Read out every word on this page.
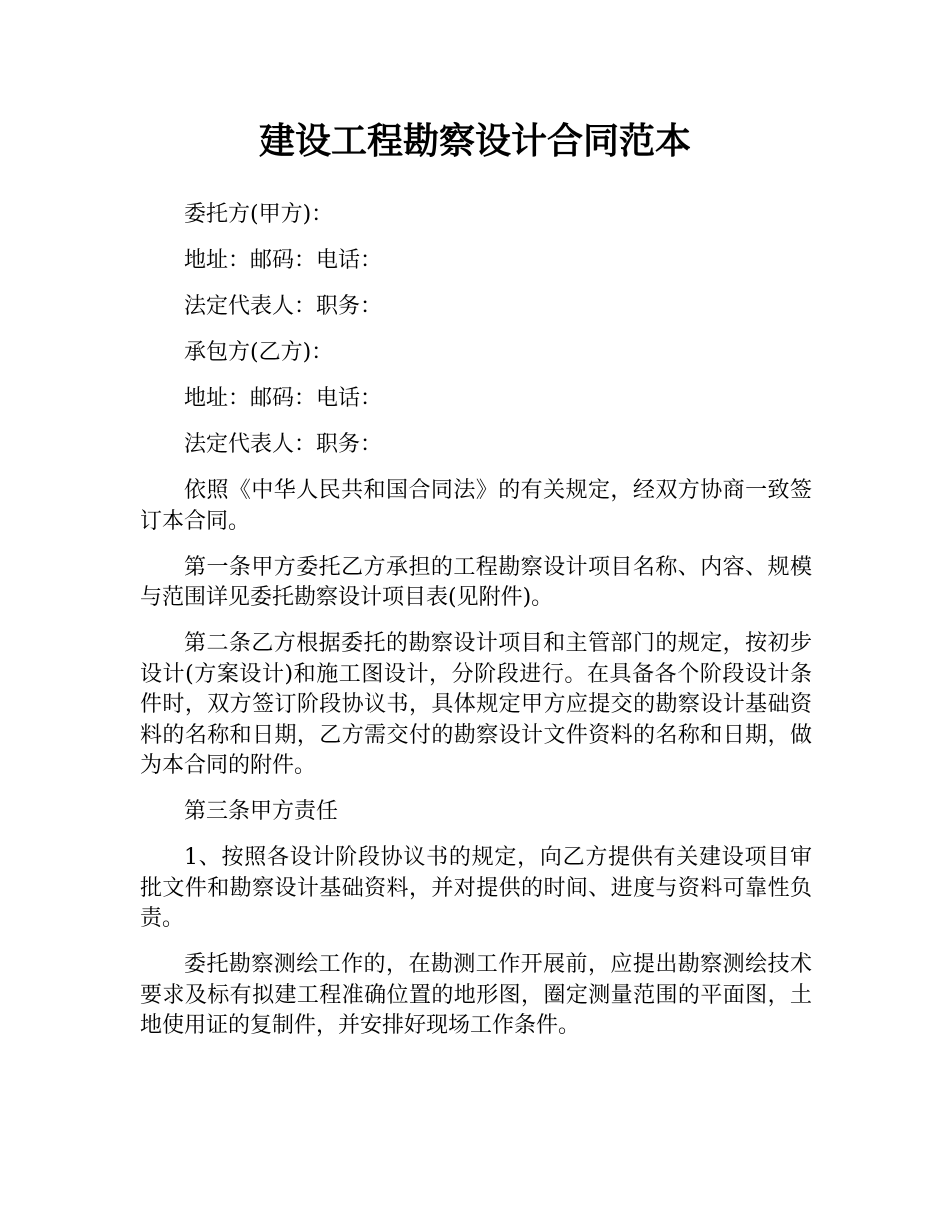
建设工程勘察设计合同范本

委托方(甲方)：

地址：邮码：电话：

法定代表人：职务：

承包方(乙方)：

地址：邮码：电话：

法定代表人：职务：

依照《中华人民共和国合同法》的有关规定，经双方协商一致签订本合同。

第一条甲方委托乙方承担的工程勘察设计项目名称、内容、规模与范围详见委托勘察设计项目表(见附件)。

第二条乙方根据委托的勘察设计项目和主管部门的规定，按初步设计(方案设计)和施工图设计，分阶段进行。在具备各个阶段设计条件时，双方签订阶段协议书，具体规定甲方应提交的勘察设计基础资料的名称和日期，乙方需交付的勘察设计文件资料的名称和日期，做为本合同的附件。

第三条甲方责任

1、按照各设计阶段协议书的规定，向乙方提供有关建设项目审批文件和勘察设计基础资料，并对提供的时间、进度与资料可靠性负责。

委托勘察测绘工作的，在勘测工作开展前，应提出勘察测绘技术要求及标有拟建工程准确位置的地形图，圈定测量范围的平面图，土地使用证的复制件，并安排好现场工作条件。
